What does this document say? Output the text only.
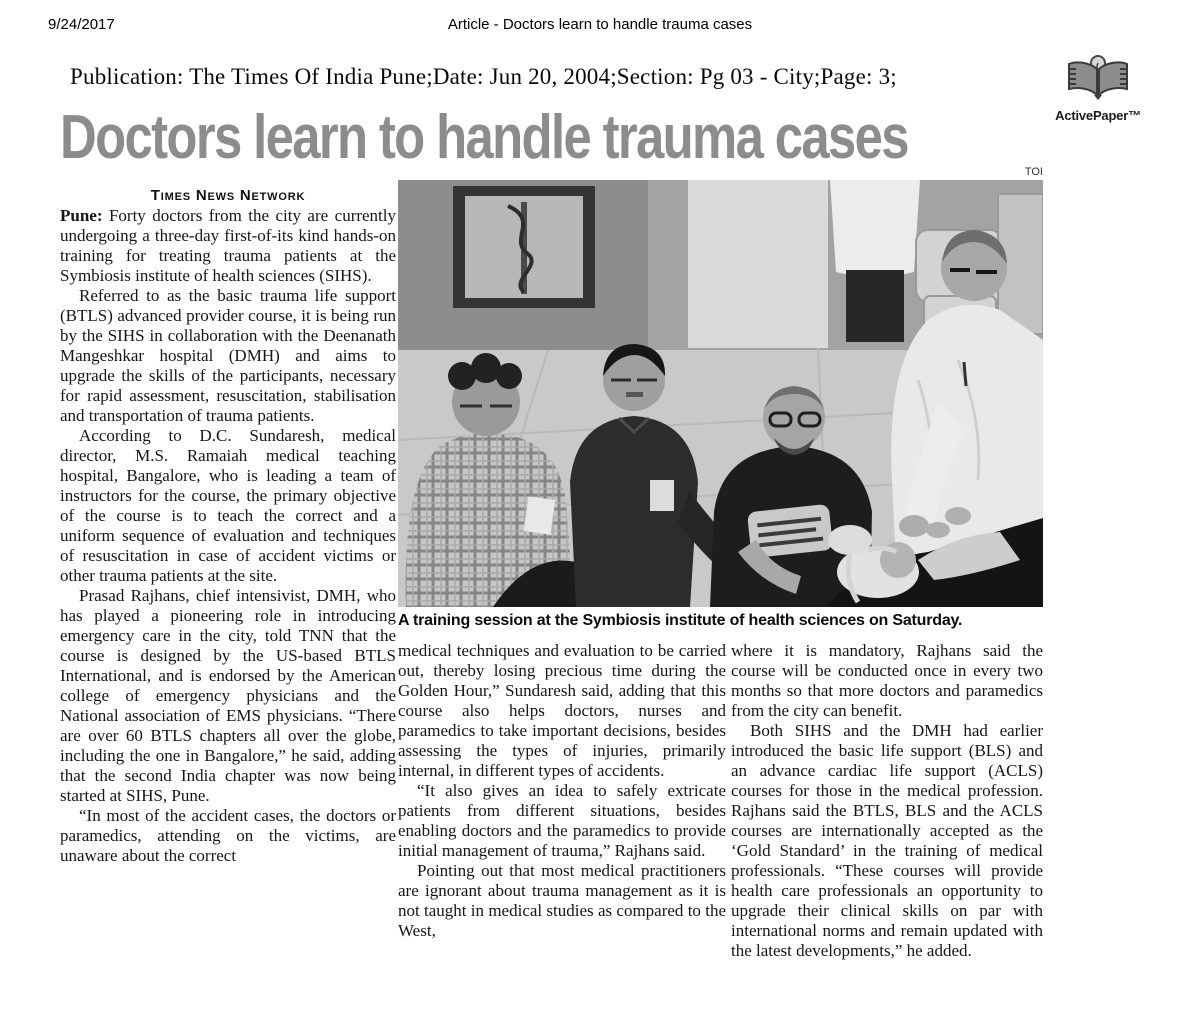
9/24/2017	Article - Doctors learn to handle trauma cases
Publication: The Times Of India Pune;Date: Jun 20, 2004;Section: Pg 03 - City;Page: 3;
ActivePaper™
Doctors learn to handle trauma cases
Times News Network
TOI
A training session at the Symbiosis institute of health sciences on Saturday.

Pune: Forty doctors from the city are currently undergoing a three-day first-of-its kind hands-on training for treating trauma patients at the Symbiosis institute of health sciences (SIHS).

Referred to as the basic trauma life support (BTLS) advanced provider course, it is being run by the SIHS in collaboration with the Deenanath Mangeshkar hospital (DMH) and aims to upgrade the skills of the participants, necessary for rapid assessment, resuscitation, stabilisation and transportation of trauma patients.

According to D.C. Sundaresh, medical director, M.S. Ramaiah medical teaching hospital, Bangalore, who is leading a team of instructors for the course, the primary objective of the course is to teach the correct and a uniform sequence of evaluation and techniques of resuscitation in case of accident victims or other trauma patients at the site.

Prasad Rajhans, chief intensivist, DMH, who has played a pioneering role in introducing emergency care in the city, told TNN that the course is designed by the US-based BTLS International, and is endorsed by the American college of emergency physicians and the National association of EMS physicians. “There are over 60 BTLS chapters all over the globe, including the one in Bangalore,” he said, adding that the second India chapter was now being started at SIHS, Pune.

“In most of the accident cases, the doctors or paramedics, attending on the victims, are unaware about the correct

medical techniques and evaluation to be carried out, thereby losing precious time during the Golden Hour,” Sundaresh said, adding that this course also helps doctors, nurses and paramedics to take important decisions, besides assessing the types of injuries, primarily internal, in different types of accidents.

“It also gives an idea to safely extricate patients from different situations, besides enabling doctors and the paramedics to provide initial management of trauma,” Rajhans said.

Pointing out that most medical practitioners are ignorant about trauma management as it is not taught in medical studies as compared to the West,

where it is mandatory, Rajhans said the course will be conducted once in every two months so that more doctors and paramedics from the city can benefit.

Both SIHS and the DMH had earlier introduced the basic life support (BLS) and an advance cardiac life support (ACLS) courses for those in the medical profession. Rajhans said the BTLS, BLS and the ACLS courses are internationally accepted as the ‘Gold Standard’ in the training of medical professionals. “These courses will provide health care professionals an opportunity to upgrade their clinical skills on par with international norms and remain updated with the latest developments,” he added.
